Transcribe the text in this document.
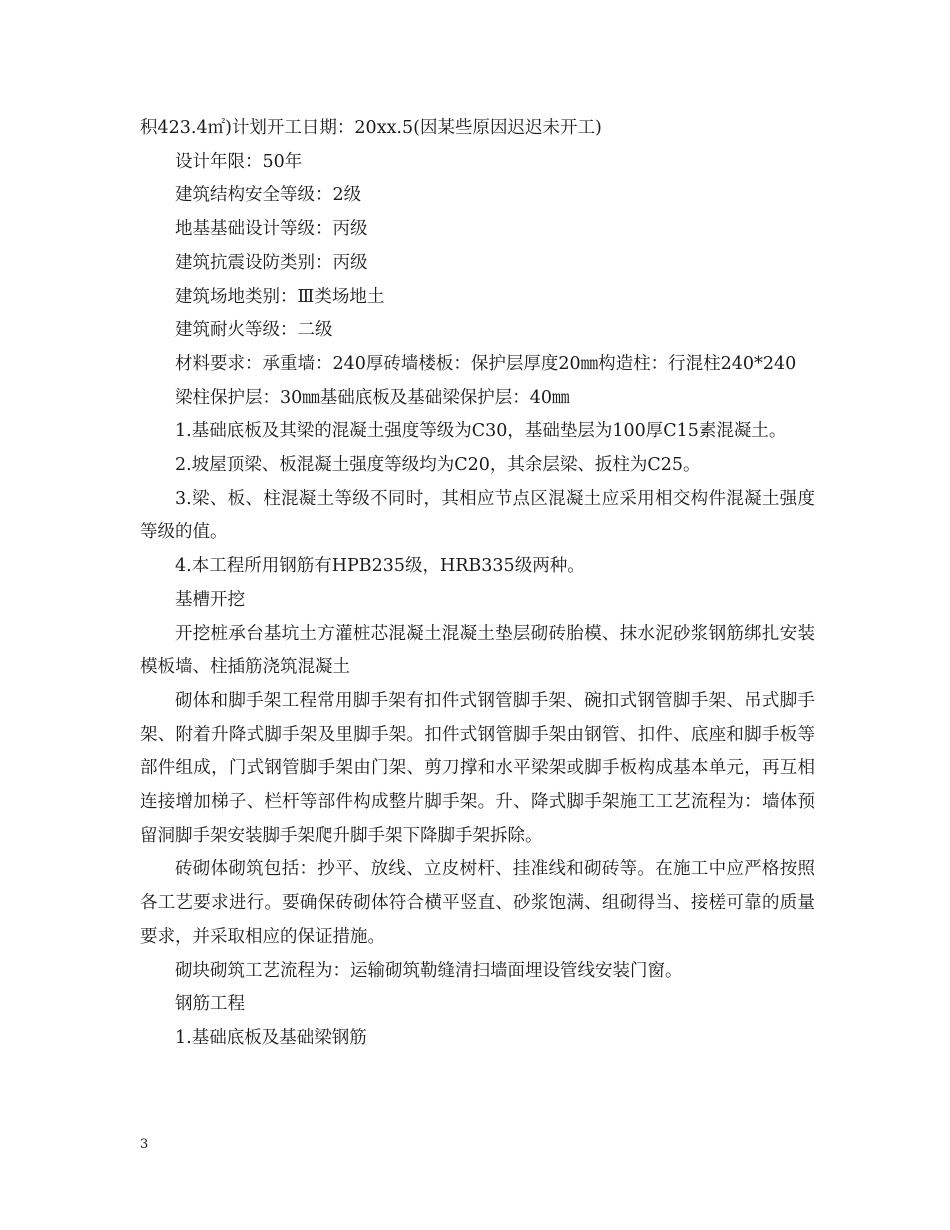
积423.4㎡)计划开工日期：20xx.5(因某些原因迟迟未开工)

设计年限：50年

建筑结构安全等级：2级

地基基础设计等级：丙级

建筑抗震设防类别：丙级

建筑场地类别：Ⅲ类场地土

建筑耐火等级：二级

材料要求：承重墙：240厚砖墙楼板：保护层厚度20㎜构造柱：行混柱240*240

梁柱保护层：30㎜基础底板及基础梁保护层：40㎜

1.基础底板及其梁的混凝土强度等级为C30，基础垫层为100厚C15素混凝土。

2.坡屋顶梁、板混凝土强度等级均为C20，其余层梁、扳柱为C25。

3.梁、板、柱混凝土等级不同时，其相应节点区混凝土应采用相交构件混凝土强度等级的值。

4.本工程所用钢筋有HPB235级，HRB335级两种。

基槽开挖

开挖桩承台基坑土方灌桩芯混凝土混凝土垫层砌砖胎模、抹水泥砂浆钢筋绑扎安装模板墙、柱插筋浇筑混凝土

砌体和脚手架工程常用脚手架有扣件式钢管脚手架、碗扣式钢管脚手架、吊式脚手架、附着升降式脚手架及里脚手架。扣件式钢管脚手架由钢管、扣件、底座和脚手板等部件组成，门式钢管脚手架由门架、剪刀撑和水平梁架或脚手板构成基本单元，再互相连接增加梯子、栏杆等部件构成整片脚手架。升、降式脚手架施工工艺流程为：墙体预留洞脚手架安装脚手架爬升脚手架下降脚手架拆除。

砖砌体砌筑包括：抄平、放线、立皮树杆、挂准线和砌砖等。在施工中应严格按照各工艺要求进行。要确保砖砌体符合横平竖直、砂浆饱满、组砌得当、接槎可靠的质量要求，并采取相应的保证措施。

砌块砌筑工艺流程为：运输砌筑勒缝清扫墙面埋设管线安装门窗。

钢筋工程

1.基础底板及基础梁钢筋

3
